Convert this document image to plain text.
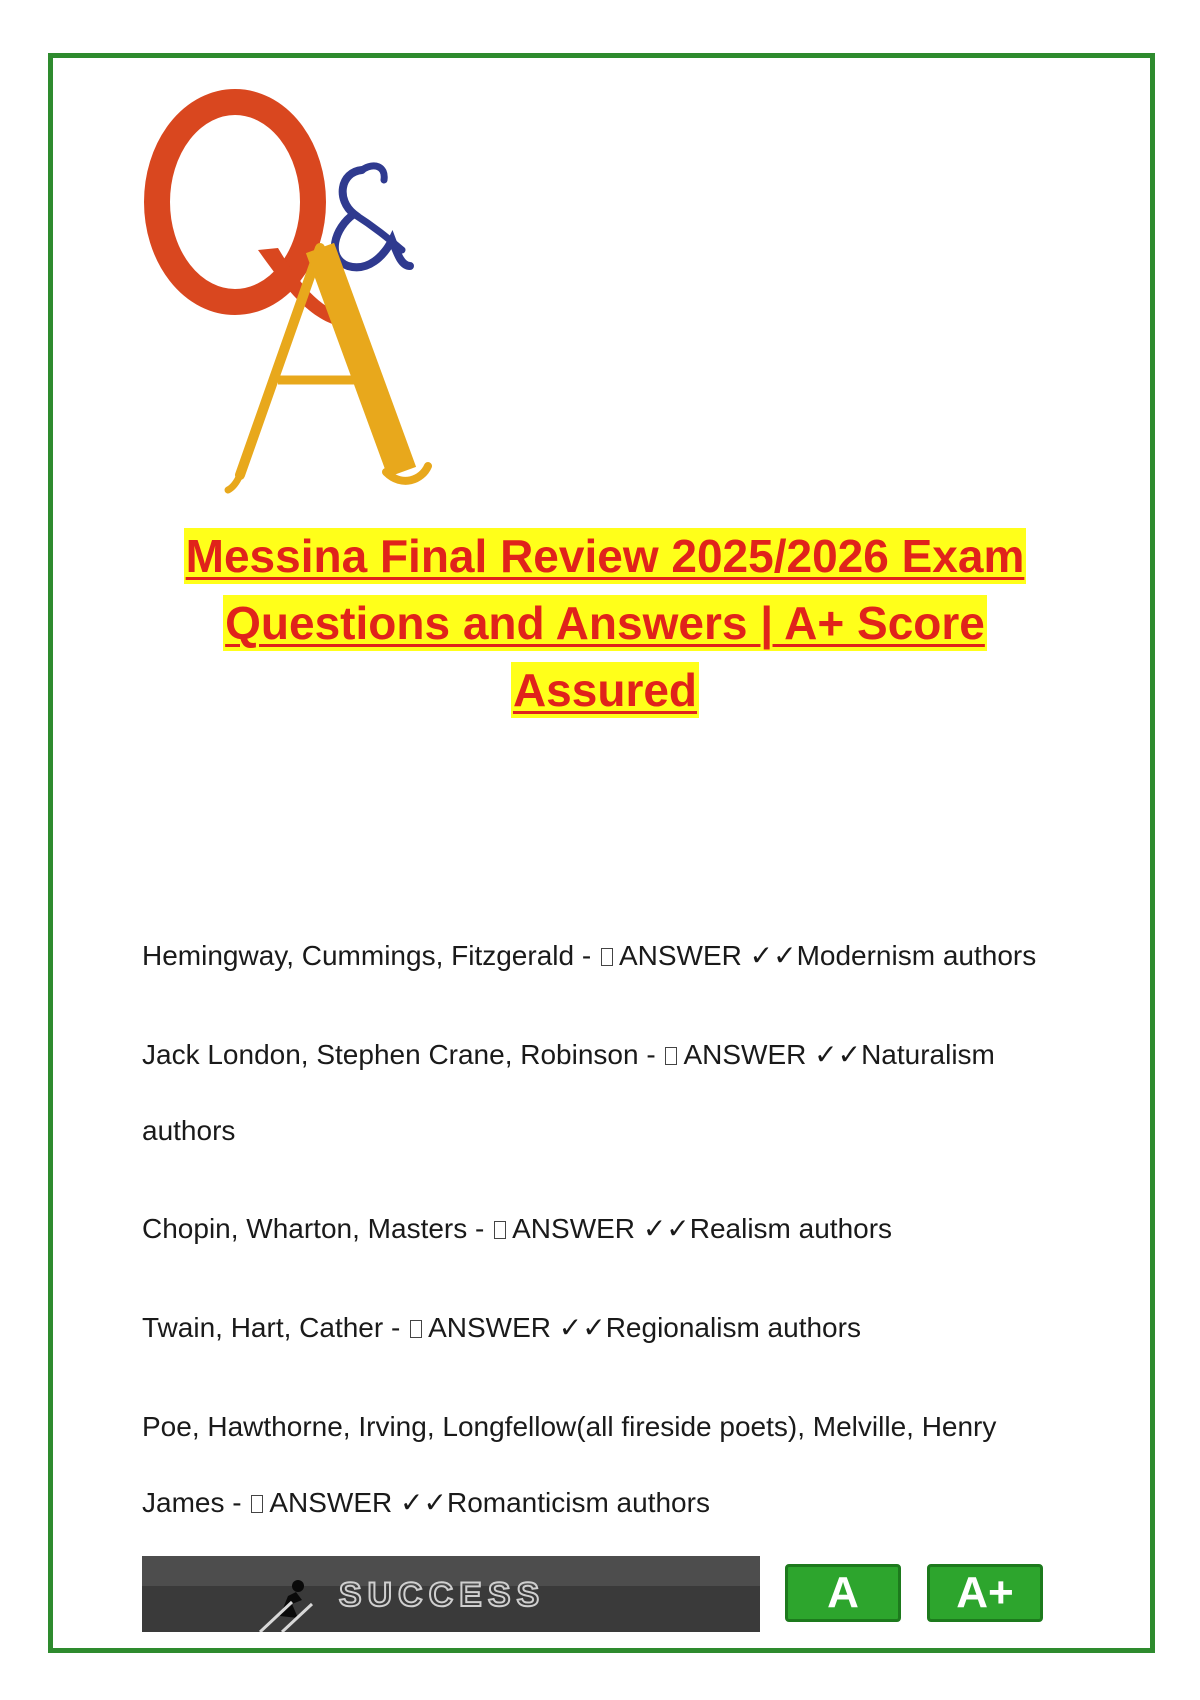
Messina Final Review 2025/2026 Exam
Questions and Answers | A+ Score
Assured
Hemingway, Cummings, Fitzgerald - ANSWER ✓✓Modernism authors
Jack London, Stephen Crane, Robinson - ANSWER ✓✓Naturalism authors
Chopin, Wharton, Masters - ANSWER ✓✓Realism authors
Twain, Hart, Cather - ANSWER ✓✓Regionalism authors
Poe, Hawthorne, Irving, Longfellow(all fireside poets), Melville, Henry James - ANSWER ✓✓Romanticism authors
SUCCESS	A	A+
